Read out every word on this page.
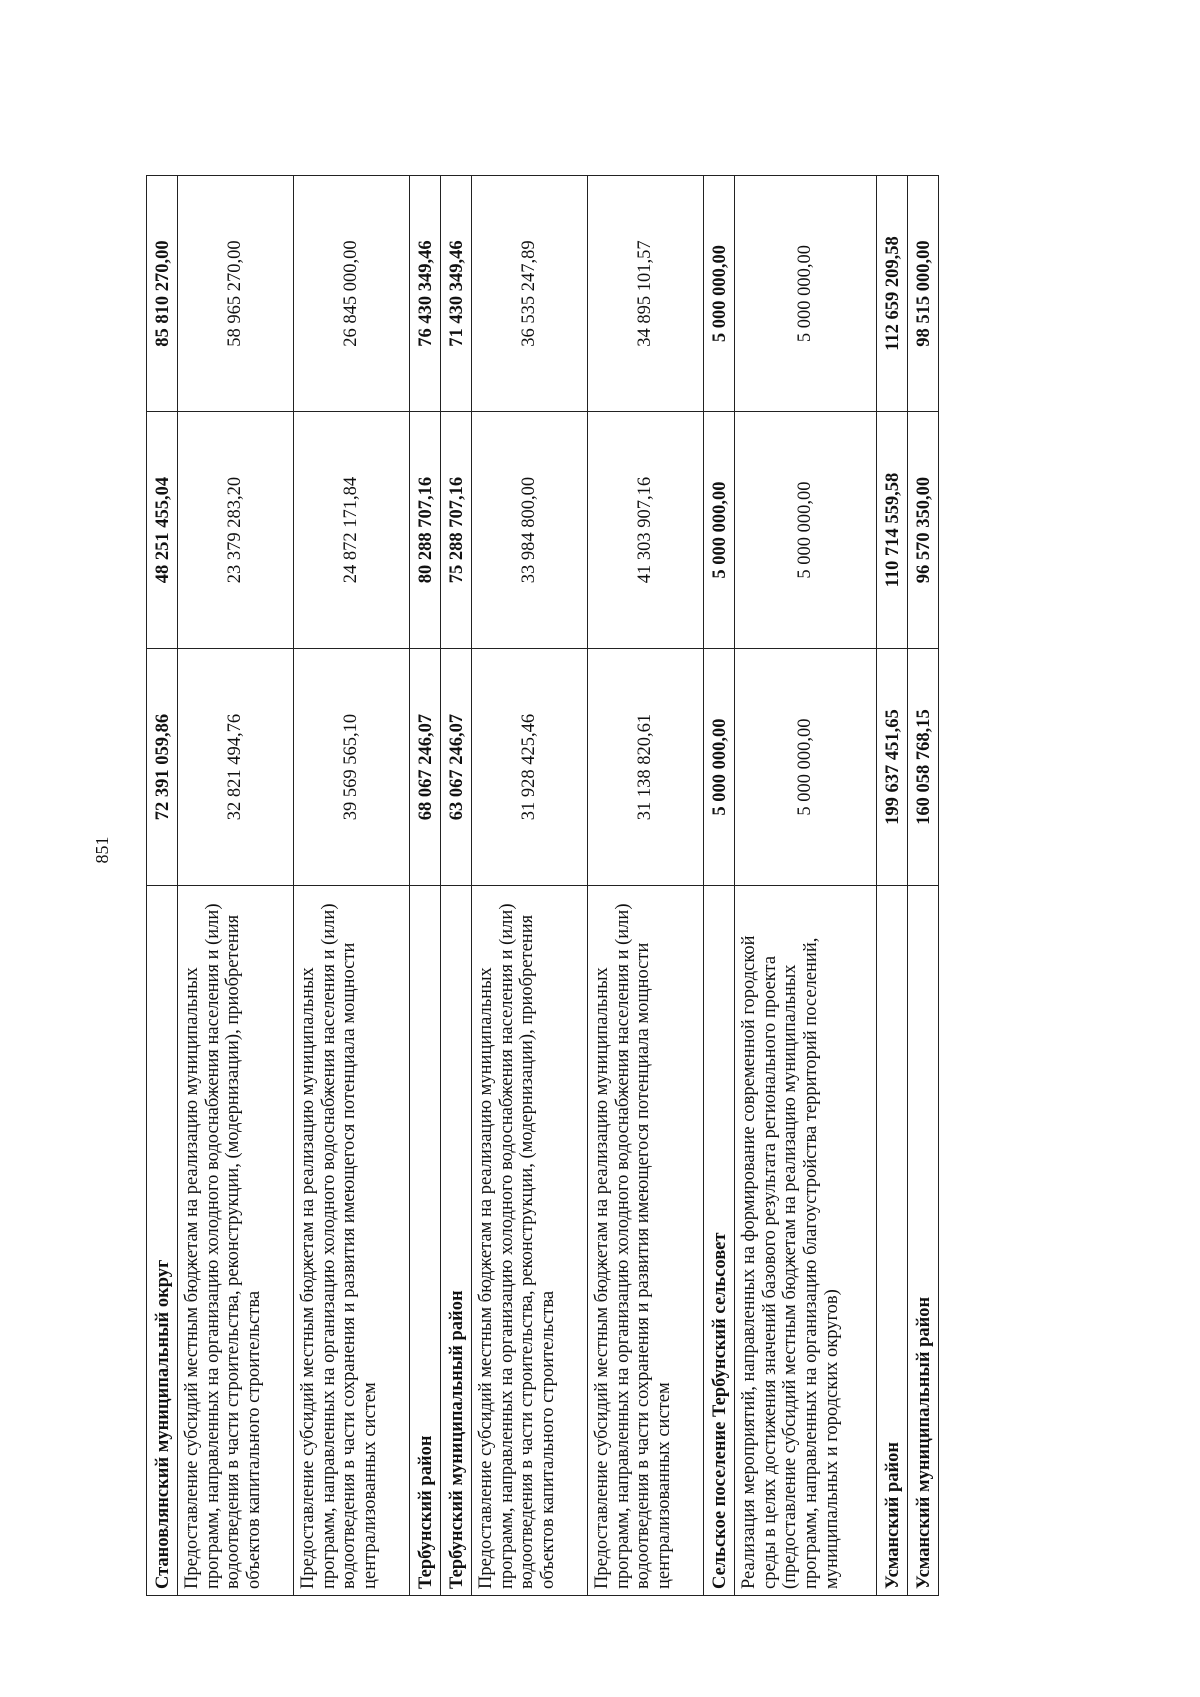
851
Становлянский муниципальный округ	72 391 059,86	48 251 455,04	85 810 270,00
Предоставление субсидий местным бюджетам на реализацию муниципальных программ, направленных на организацию холодного водоснабжения населения и (или) водоотведения в части строительства, реконструкции, (модернизации), приобретения объектов капитального строительства	32 821 494,76	23 379 283,20	58 965 270,00
Предоставление субсидий местным бюджетам на реализацию муниципальных программ, направленных на организацию холодного водоснабжения населения и (или) водоотведения в части сохранения и развития имеющегося потенциала мощности централизованных систем	39 569 565,10	24 872 171,84	26 845 000,00
Тербунский район	68 067 246,07	80 288 707,16	76 430 349,46
Тербунский муниципальный район	63 067 246,07	75 288 707,16	71 430 349,46
Предоставление субсидий местным бюджетам на реализацию муниципальных программ, направленных на организацию холодного водоснабжения населения и (или) водоотведения в части строительства, реконструкции, (модернизации), приобретения объектов капитального строительства	31 928 425,46	33 984 800,00	36 535 247,89
Предоставление субсидий местным бюджетам на реализацию муниципальных программ, направленных на организацию холодного водоснабжения населения и (или) водоотведения в части сохранения и развития имеющегося потенциала мощности централизованных систем	31 138 820,61	41 303 907,16	34 895 101,57
Сельское поселение Тербунский сельсовет	5 000 000,00	5 000 000,00	5 000 000,00
Реализация мероприятий, направленных на формирование современной городской среды в целях достижения значений базового результата регионального проекта (предоставление субсидий местным бюджетам на реализацию муниципальных программ, направленных на организацию благоустройства территорий поселений, муниципальных и городских округов)	5 000 000,00	5 000 000,00	5 000 000,00
Усманский район	199 637 451,65	110 714 559,58	112 659 209,58
Усманский муниципальный район	160 058 768,15	96 570 350,00	98 515 000,00
